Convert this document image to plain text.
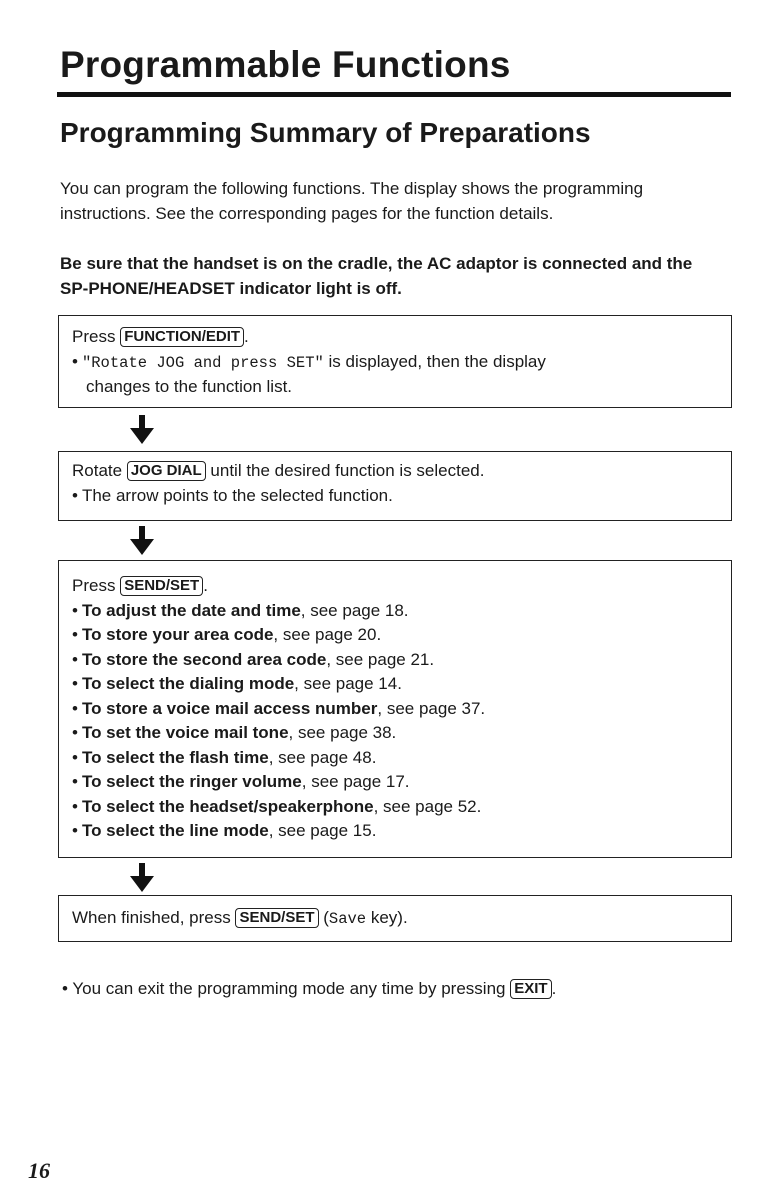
Programmable Functions
Programming Summary of Preparations

You can program the following functions. The display shows the programming instructions. See the corresponding pages for the function details.

Be sure that the handset is on the cradle, the AC adaptor is connected and the SP-PHONE/HEADSET indicator light is off.

Press FUNCTION/EDIT .

• "Rotate JOG and press SET" is displayed, then the display

changes to the function list.

Rotate JOG DIAL until the desired function is selected.

• The arrow points to the selected function.

Press SEND/SET .

• To adjust the date and time, see page 18.

• To store your area code, see page 20.

• To store the second area code, see page 21.

• To select the dialing mode, see page 14.

• To store a voice mail access number, see page 37.

• To set the voice mail tone, see page 38.

• To select the flash time, see page 48.

• To select the ringer volume, see page 17.

• To select the headset/speakerphone, see page 52.

• To select the line mode, see page 15.

When finished, press SEND/SET (Save key).

• You can exit the programming mode any time by pressing EXIT .

16
